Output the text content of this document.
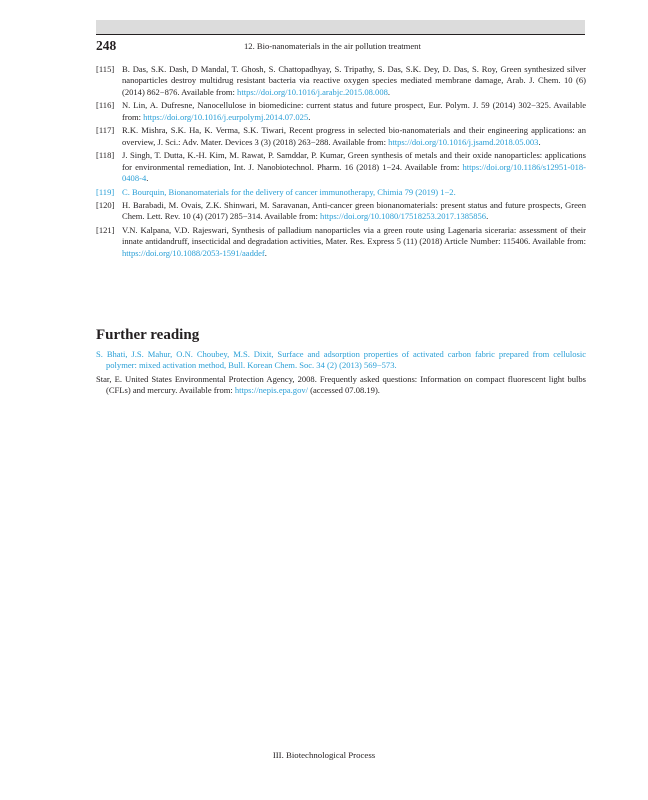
248	12. Bio-nanomaterials in the air pollution treatment

[115] B. Das, S.K. Dash, D Mandal, T. Ghosh, S. Chattopadhyay, S. Tripathy, S. Das, S.K. Dey, D. Das, S. Roy, Green synthesized silver nanoparticles destroy multidrug resistant bacteria via reactive oxygen species mediated membrane damage, Arab. J. Chem. 10 (6) (2014) 862−876. Available from: https://doi.org/10.1016/j.arabjc.2015.08.008.

[116] N. Lin, A. Dufresne, Nanocellulose in biomedicine: current status and future prospect, Eur. Polym. J. 59 (2014) 302−325. Available from: https://doi.org/10.1016/j.eurpolymj.2014.07.025.

[117] R.K. Mishra, S.K. Ha, K. Verma, S.K. Tiwari, Recent progress in selected bio-nanomaterials and their engineering applications: an overview, J. Sci.: Adv. Mater. Devices 3 (3) (2018) 263−288. Available from: https://doi.org/10.1016/j.jsamd.2018.05.003.

[118] J. Singh, T. Dutta, K.-H. Kim, M. Rawat, P. Samddar, P. Kumar, Green synthesis of metals and their oxide nanoparticles: applications for environmental remediation, Int. J. Nanobiotechnol. Pharm. 16 (2018) 1−24. Available from: https://doi.org/10.1186/s12951-018-0408-4.

[119] C. Bourquin, Bionanomaterials for the delivery of cancer immunotherapy, Chimia 79 (2019) 1−2.

[120] H. Barabadi, M. Ovais, Z.K. Shinwari, M. Saravanan, Anti-cancer green bionanomaterials: present status and future prospects, Green Chem. Lett. Rev. 10 (4) (2017) 285−314. Available from: https://doi.org/10.1080/17518253.2017.1385856.

[121] V.N. Kalpana, V.D. Rajeswari, Synthesis of palladium nanoparticles via a green route using Lagenaria siceraria: assessment of their innate antidandruff, insecticidal and degradation activities, Mater. Res. Express 5 (11) (2018) Article Number: 115406. Available from: https://doi.org/10.1088/2053-1591/aaddef.

Further reading

S. Bhati, J.S. Mahur, O.N. Choubey, M.S. Dixit, Surface and adsorption properties of activated carbon fabric prepared from cellulosic polymer: mixed activation method, Bull. Korean Chem. Soc. 34 (2) (2013) 569−573.

Star, E. United States Environmental Protection Agency, 2008. Frequently asked questions: Information on compact fluorescent light bulbs (CFLs) and mercury. Available from: https://nepis.epa.gov/ (accessed 07.08.19).

III. Biotechnological Process
